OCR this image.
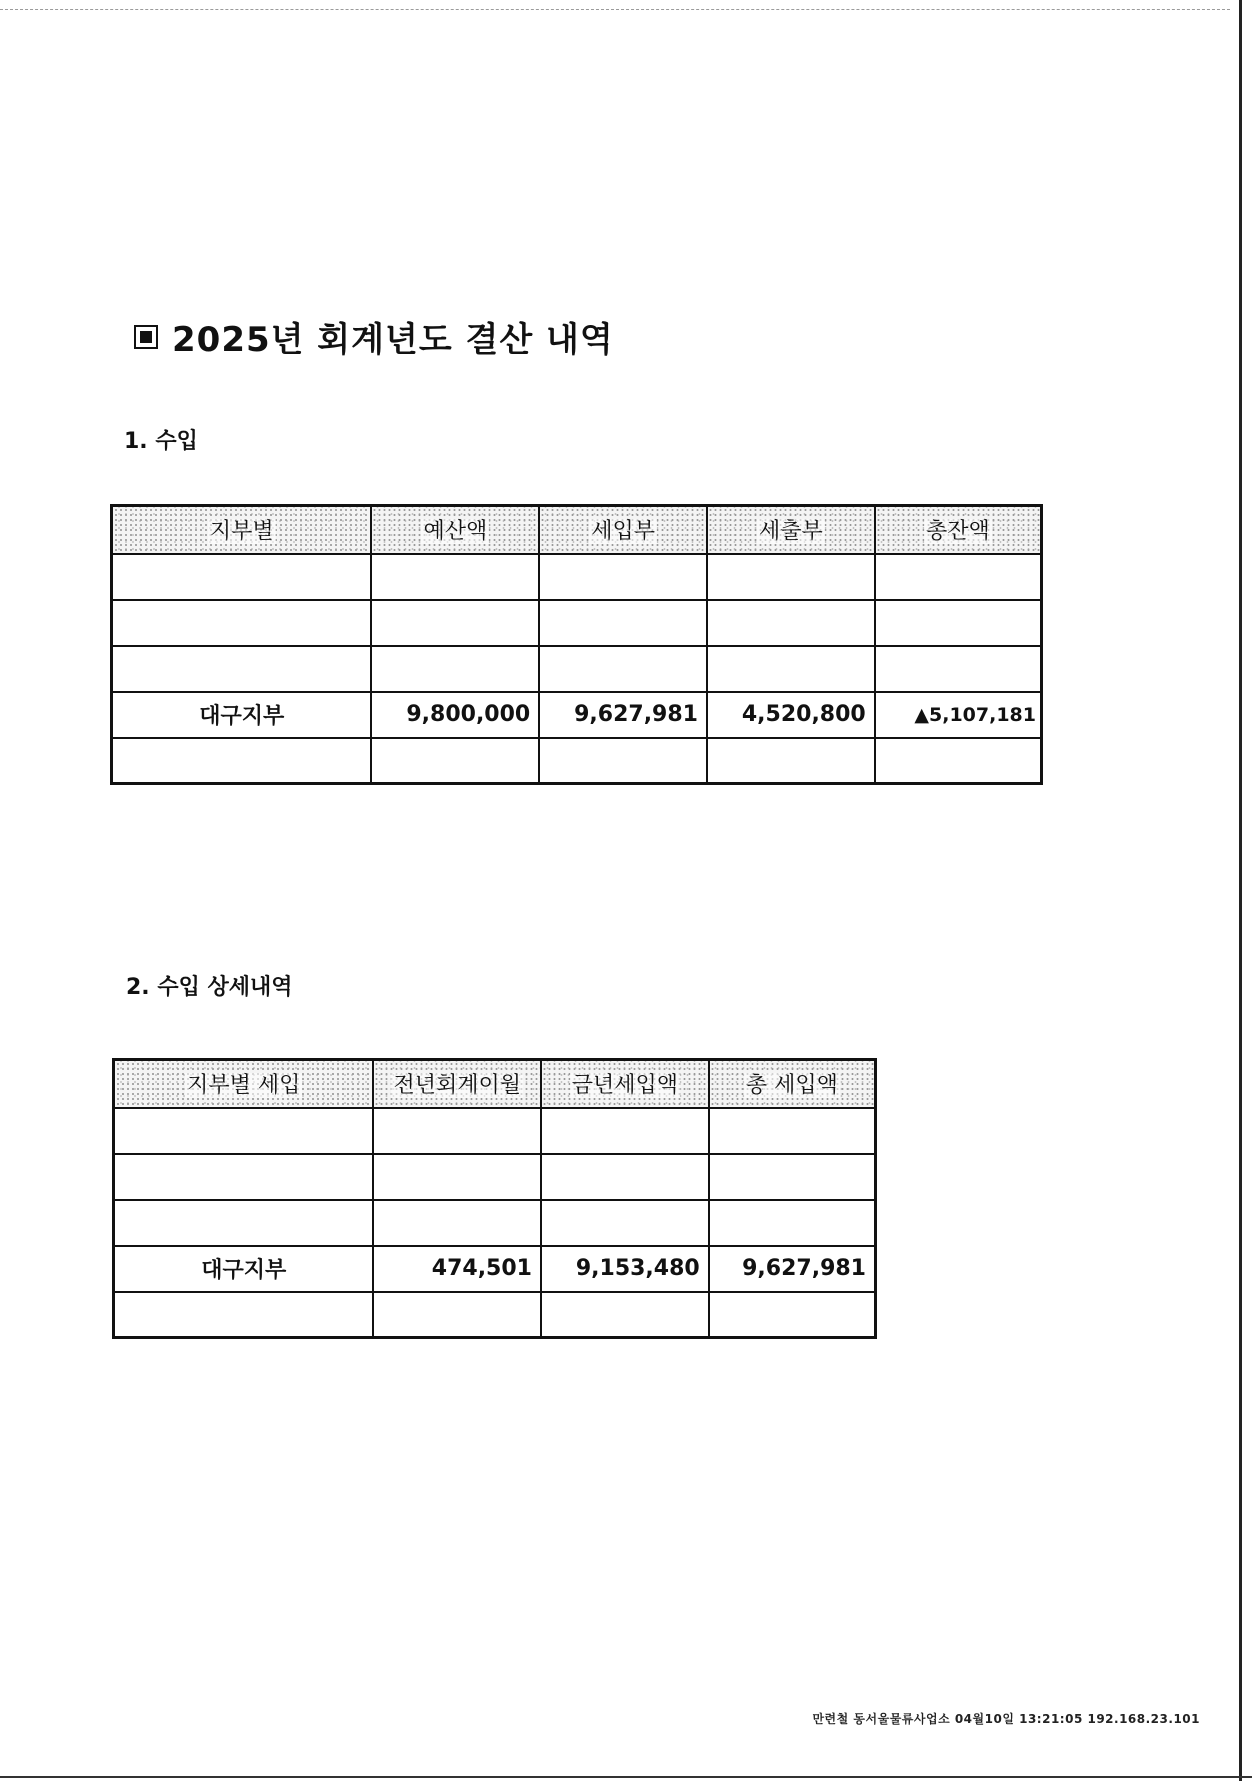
2025년 회계년도 결산 내역
1. 수입
지부별	예산액	세입부	세출부	총잔액

대구지부	9,800,000	9,627,981	4,520,800	▲5,107,181

2. 수입 상세내역
지부별 세입	전년회계이월	금년세입액	총 세입액

대구지부	474,501	9,153,480	9,627,981

만련철 동서울물류사업소 04월10일 13:21:05 192.168.23.101
